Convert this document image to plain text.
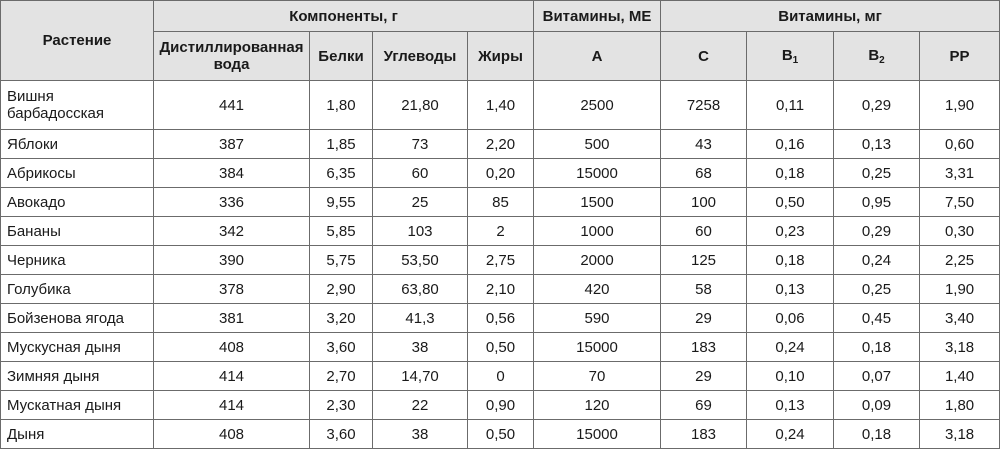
Растение	Компоненты, г				Витамины, МЕ	Витамины, мг			
	Дистиллированная вода	Белки	Углеводы	Жиры	A	C	$B_1$	$B_2$	PP
Вишня барбадосская	441	1,80	21,80	1,40	2500	7258	0,11	0,29	1,90
Яблоки	387	1,85	73	2,20	500	43	0,16	0,13	0,60
Абрикосы	384	6,35	60	0,20	15000	68	0,18	0,25	3,31
Авокадо	336	9,55	25	85	1500	100	0,50	0,95	7,50
Бананы	342	5,85	103	2	1000	60	0,23	0,29	0,30
Черника	390	5,75	53,50	2,75	2000	125	0,18	0,24	2,25
Голубика	378	2,90	63,80	2,10	420	58	0,13	0,25	1,90
Бойзенова ягода	381	3,20	41,3	0,56	590	29	0,06	0,45	3,40
Мускусная дыня	408	3,60	38	0,50	15000	183	0,24	0,18	3,18
Зимняя дыня	414	2,70	14,70	0	70	29	0,10	0,07	1,40
Мускатная дыня	414	2,30	22	0,90	120	69	0,13	0,09	1,80
Дыня	408	3,60	38	0,50	15000	183	0,24	0,18	3,18
